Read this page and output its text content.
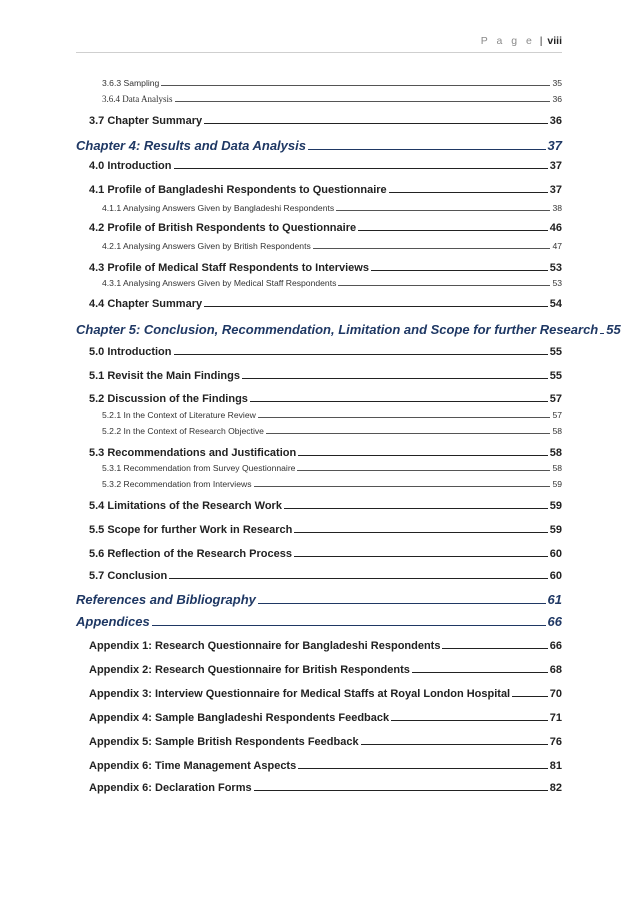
P a g e | viii
3.6.3 Sampling	35
3.6.4 Data Analysis	36
3.7 Chapter Summary	36
Chapter 4: Results and Data Analysis	37
4.0 Introduction	37
4.1 Profile of Bangladeshi Respondents to Questionnaire	37
4.1.1 Analysing Answers Given by Bangladeshi Respondents	38
4.2 Profile of British Respondents to Questionnaire	46
4.2.1 Analysing Answers Given by British Respondents	47
4.3 Profile of Medical Staff Respondents to Interviews	53
4.3.1 Analysing Answers Given by Medical Staff Respondents	53
4.4 Chapter Summary	54
Chapter 5: Conclusion, Recommendation, Limitation and Scope for further Research 55
5.0 Introduction	55
5.1 Revisit the Main Findings	55
5.2 Discussion of the Findings	57
5.2.1 In the Context of Literature Review	57
5.2.2 In the Context of Research Objective	58
5.3 Recommendations and Justification	58
5.3.1 Recommendation from Survey Questionnaire	58
5.3.2 Recommendation from Interviews	59
5.4 Limitations of the Research Work	59
5.5 Scope for further Work in Research	59
5.6 Reflection of the Research Process	60
5.7 Conclusion	60
References and Bibliography	61
Appendices	66
Appendix 1: Research Questionnaire for Bangladeshi Respondents	66
Appendix 2: Research Questionnaire for British Respondents	68
Appendix 3: Interview Questionnaire for Medical Staffs at Royal London Hospital	70
Appendix 4: Sample Bangladeshi Respondents Feedback	71
Appendix 5: Sample British Respondents Feedback	76
Appendix 6: Time Management Aspects	81
Appendix 6: Declaration Forms	82
